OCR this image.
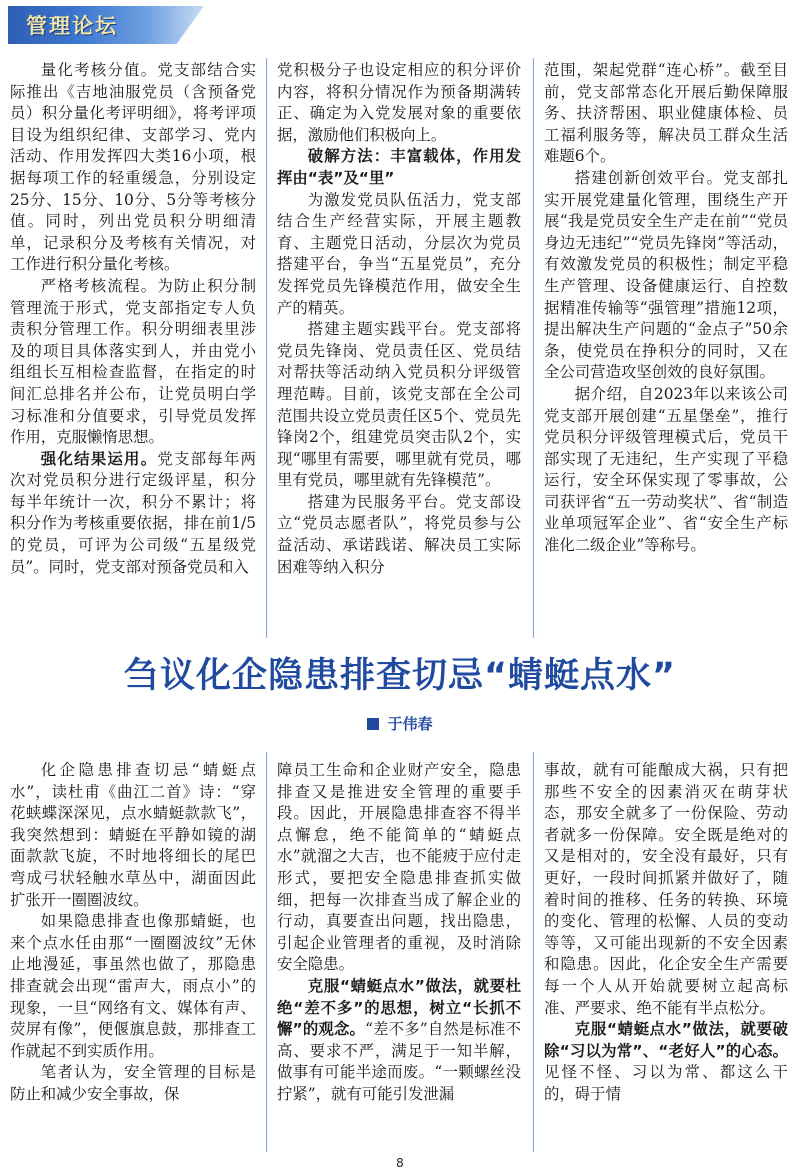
管理论坛

量化考核分值。党支部结合实际推出《吉地油服党员（含预备党员）积分量化考评明细》，将考评项目设为组织纪律、支部学习、党内活动、作用发挥四大类16小项，根据每项工作的轻重缓急，分别设定25分、15分、10分、5分等考核分值。同时，列出党员积分明细清单，记录积分及考核有关情况，对工作进行积分量化考核。

严格考核流程。为防止积分制管理流于形式，党支部指定专人负责积分管理工作。积分明细表里涉及的项目具体落实到人，并由党小组组长互相检查监督，在指定的时间汇总排名并公布，让党员明白学习标准和分值要求，引导党员发挥作用，克服懒惰思想。

强化结果运用。党支部每年两次对党员积分进行定级评星，积分每半年统计一次，积分不累计；将积分作为考核重要依据，排在前1/5的党员，可评为公司级“五星级党员”。同时，党支部对预备党员和入

党积极分子也设定相应的积分评价内容，将积分情况作为预备期满转正、确定为入党发展对象的重要依据，激励他们积极向上。

破解方法：丰富载体，作用发挥由“表”及“里”

为激发党员队伍活力，党支部结合生产经营实际，开展主题教育、主题党日活动，分层次为党员搭建平台，争当“五星党员”，充分发挥党员先锋模范作用，做安全生产的精英。

搭建主题实践平台。党支部将党员先锋岗、党员责任区、党员结对帮扶等活动纳入党员积分评级管理范畴。目前，该党支部在全公司范围共设立党员责任区5个、党员先锋岗2个，组建党员突击队2个，实现“哪里有需要，哪里就有党员，哪里有党员，哪里就有先锋模范”。

搭建为民服务平台。党支部设立“党员志愿者队”，将党员参与公益活动、承诺践诺、解决员工实际困难等纳入积分

范围，架起党群“连心桥”。截至目前，党支部常态化开展后勤保障服务、扶济帮困、职业健康体检、员工福利服务等，解决员工群众生活难题6个。

搭建创新创效平台。党支部扎实开展党建量化管理，围绕生产开展“我是党员安全生产走在前”“党员身边无违纪”“党员先锋岗”等活动，有效激发党员的积极性；制定平稳生产管理、设备健康运行、自控数据精准传输等“强管理”措施12项，提出解决生产问题的“金点子”50余条，使党员在挣积分的同时，又在全公司营造攻坚创效的良好氛围。

据介绍，自2023年以来该公司党支部开展创建“五星堡垒”，推行党员积分评级管理模式后，党员干部实现了无违纪，生产实现了平稳运行，安全环保实现了零事故，公司获评省“五一劳动奖状”、省“制造业单项冠军企业”、省“安全生产标准化二级企业”等称号。

刍议化企隐患排查切忌“蜻蜓点水”
于伟春

化企隐患排查切忌“蜻蜓点水”，读杜甫《曲江二首》诗：“穿花蛱蝶深深见，点水蜻蜓款款飞”，我突然想到：蜻蜓在平静如镜的湖面款款飞旋，不时地将细长的尾巴弯成弓状轻触水草丛中，湖面因此扩张开一圈圈波纹。

如果隐患排查也像那蜻蜓，也来个点水任由那“一圈圈波纹”无休止地漫延，事虽然也做了，那隐患排查就会出现“雷声大，雨点小”的现象，一旦“网络有文、媒体有声、荧屏有像”，便偃旗息鼓，那排查工作就起不到实质作用。

笔者认为，安全管理的目标是防止和减少安全事故，保

障员工生命和企业财产安全，隐患排查又是推进安全管理的重要手段。因此，开展隐患排查容不得半点懈怠，绝不能简单的“蜻蜓点水”就溜之大吉，也不能疲于应付走形式，要把安全隐患排查抓实做细，把每一次排查当成了解企业的行动，真要查出问题，找出隐患，引起企业管理者的重视，及时消除安全隐患。

克服“蜻蜓点水”做法，就要杜绝“差不多”的思想，树立“长抓不懈”的观念。“差不多”自然是标准不高、要求不严，满足于一知半解，做事有可能半途而废。“一颗螺丝没拧紧”，就有可能引发泄漏

事故，就有可能酿成大祸，只有把那些不安全的因素消灭在萌芽状态，那安全就多了一份保险、劳动者就多一份保障。安全既是绝对的又是相对的，安全没有最好，只有更好，一段时间抓紧并做好了，随着时间的推移、任务的转换、环境的变化、管理的松懈、人员的变动等等，又可能出现新的不安全因素和隐患。因此，化企安全生产需要每一个人从开始就要树立起高标准、严要求、绝不能有半点松分。

克服“蜻蜓点水”做法，就要破除“习以为常”、“老好人”的心态。见怪不怪、习以为常、都这么干的，碍于情

8
